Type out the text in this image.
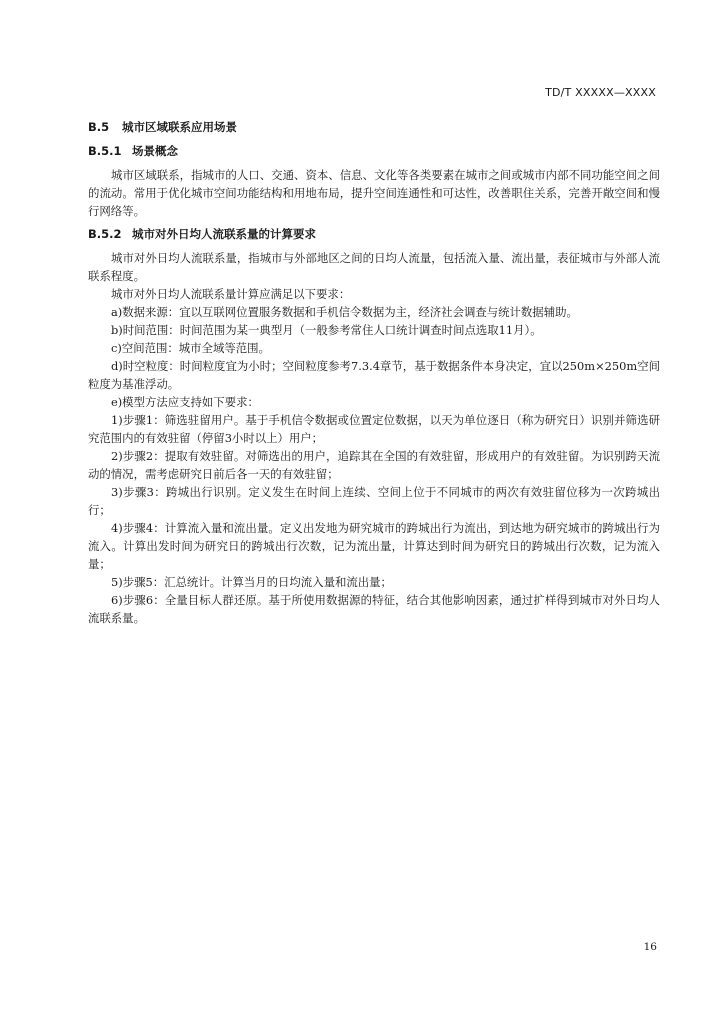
TD/T XXXXX—XXXX
B.5	城市区域联系应用场景
B.5.1 场景概念

城市区域联系，指城市的人口、交通、资本、信息、文化等各类要素在城市之间或城市内部不同功能空间之间的流动。常用于优化城市空间功能结构和用地布局，提升空间连通性和可达性，改善职住关系，完善开敞空间和慢行网络等。

B.5.2 城市对外日均人流联系量的计算要求

城市对外日均人流联系量，指城市与外部地区之间的日均人流量，包括流入量、流出量，表征城市与外部人流联系程度。

城市对外日均人流联系量计算应满足以下要求：

a)数据来源：宜以互联网位置服务数据和手机信令数据为主，经济社会调查与统计数据辅助。

b)时间范围：时间范围为某一典型月（一般参考常住人口统计调查时间点选取11月）。

c)空间范围：城市全域等范围。

d)时空粒度：时间粒度宜为小时；空间粒度参考7.3.4章节，基于数据条件本身决定，宜以250m×250m空间粒度为基准浮动。

e)模型方法应支持如下要求：

1)步骤1：筛选驻留用户。基于手机信令数据或位置定位数据，以天为单位逐日（称为研究日）识别并筛选研究范围内的有效驻留（停留3小时以上）用户；

2)步骤2：提取有效驻留。对筛选出的用户，追踪其在全国的有效驻留，形成用户的有效驻留。为识别跨天流动的情况，需考虑研究日前后各一天的有效驻留；

3)步骤3：跨城出行识别。定义发生在时间上连续、空间上位于不同城市的两次有效驻留位移为一次跨城出行；

4)步骤4：计算流入量和流出量。定义出发地为研究城市的跨城出行为流出，到达地为研究城市的跨城出行为流入。计算出发时间为研究日的跨城出行次数，记为流出量，计算达到时间为研究日的跨城出行次数，记为流入量；

5)步骤5：汇总统计。计算当月的日均流入量和流出量；

6)步骤6：全量目标人群还原。基于所使用数据源的特征，结合其他影响因素，通过扩样得到城市对外日均人流联系量。

16
